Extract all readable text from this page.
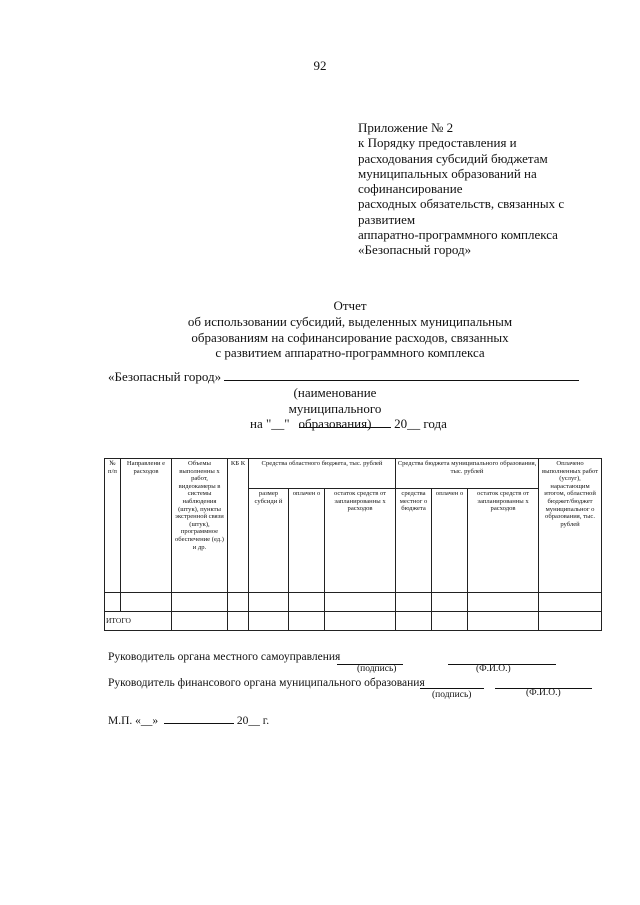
92
Приложение № 2
к Порядку предоставления и
расходования субсидий бюджетам
муниципальных образований на
софинансирование
расходных обязательств, связанных с
развитием
аппаратно-программного комплекса
«Безопасный город»
Отчет
об использовании субсидий, выделенных муниципальным
образованиям на софинансирование расходов, связанных
с развитием аппаратно-программного комплекса
«Безопасный город»
(наименование муниципального
образования)
на "__"	20__ года
№ п/п	Направлени е расходов	Объемы выполненны х работ, видеокамеры в системы наблюдения (штук), пункты экстренной связи (штук), программное обеспечение (ед.) и др.	КБ К	Средства областного бюджета, тыс. рублей			Средства бюджета муниципального образования, тыс. рублей			Оплачено выполненных работ (услуг), нарастающим итогом, областной бюджет/бюджет муниципальног о образования, тыс. рублей
				размер субсиди й	оплачен о	остаток средств от запланированны х расходов	средства местног о бюджета	оплачен о	остаток средств от запланированны х расходов	

ИТОГО										
Руководитель органа местного самоуправления
(подпись)	(Ф.И.О.)
Руководитель финансового органа муниципального образования
(подпись)	(Ф.И.О.)
М.П. «__»	20__ г.
